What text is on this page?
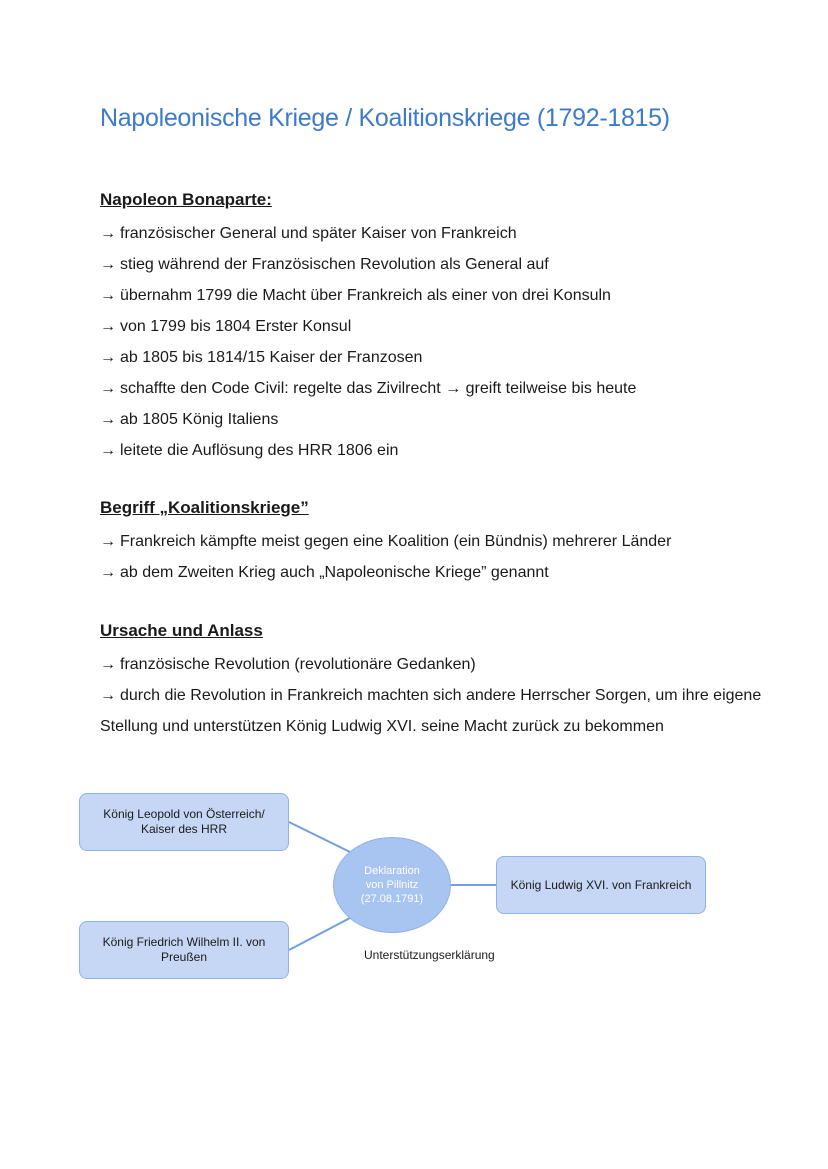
Napoleonische Kriege / Koalitionskriege (1792-1815)
Napoleon Bonaparte:
→ französischer General und später Kaiser von Frankreich
→ stieg während der Französischen Revolution als General auf
→ übernahm 1799 die Macht über Frankreich als einer von drei Konsuln
→ von 1799 bis 1804 Erster Konsul
→ ab 1805 bis 1814/15 Kaiser der Franzosen
→ schaffte den Code Civil: regelte das Zivilrecht → greift teilweise bis heute
→ ab 1805 König Italiens
→ leitete die Auflösung des HRR 1806 ein
Begriff „Koalitionskriege”
→ Frankreich kämpfte meist gegen eine Koalition (ein Bündnis) mehrerer Länder
→ ab dem Zweiten Krieg auch „Napoleonische Kriege” genannt
Ursache und Anlass
→ französische Revolution (revolutionäre Gedanken)

→ durch die Revolution in Frankreich machten sich andere Herrscher Sorgen, um ihre eigene

Stellung und unterstützen König Ludwig XVI. seine Macht zurück zu bekommen

König Leopold von Österreich/ Kaiser des HRR
König Friedrich Wilhelm II. von Preußen
Deklaration
von Pillnitz
(27.08.1791)
König Ludwig XVI. von Frankreich
Unterstützungserklärung
